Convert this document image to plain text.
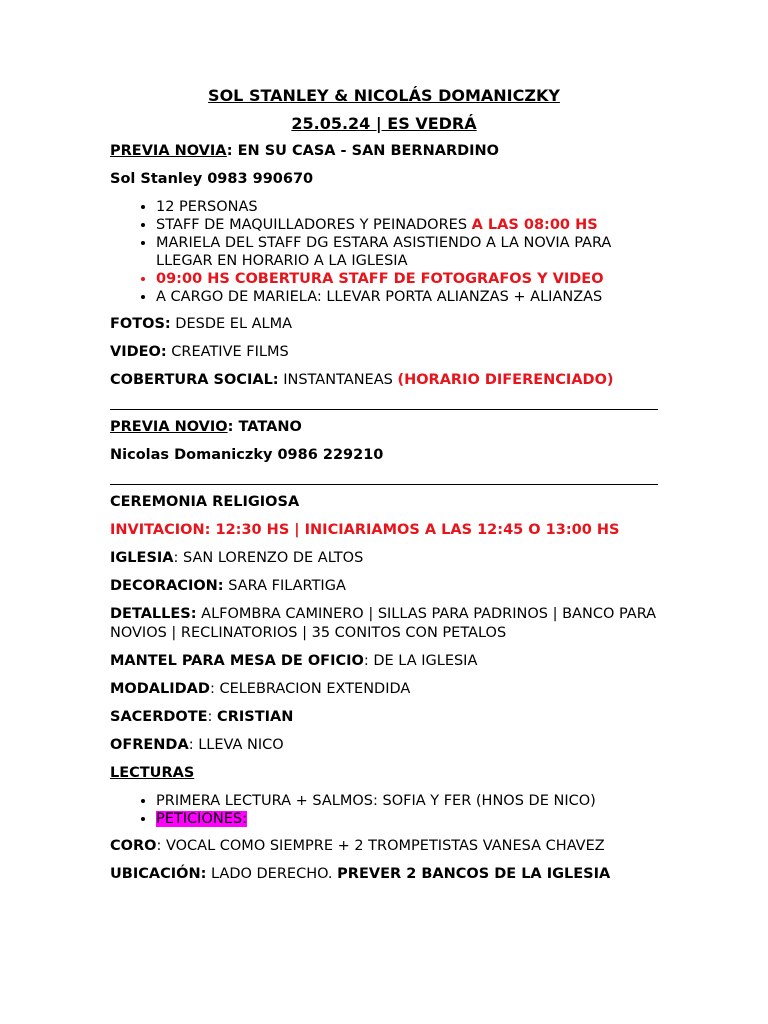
SOL STANLEY & NICOLÁS DOMANICZKY
25.05.24 | ES VEDRÁ

PREVIA NOVIA: EN SU CASA - SAN BERNARDINO

Sol Stanley 0983 990670

• 12 PERSONAS
• STAFF DE MAQUILLADORES Y PEINADORES A LAS 08:00 HS
• MARIELA DEL STAFF DG ESTARA ASISTIENDO A LA NOVIA PARA LLEGAR EN HORARIO A LA IGLESIA
• 09:00 HS COBERTURA STAFF DE FOTOGRAFOS Y VIDEO
• A CARGO DE MARIELA: LLEVAR PORTA ALIANZAS + ALIANZAS

FOTOS: DESDE EL ALMA

VIDEO: CREATIVE FILMS

COBERTURA SOCIAL: INSTANTANEAS (HORARIO DIFERENCIADO)

PREVIA NOVIO: TATANO

Nicolas Domaniczky 0986 229210

CEREMONIA RELIGIOSA

INVITACION: 12:30 HS | INICIARIAMOS A LAS 12:45 O 13:00 HS

IGLESIA: SAN LORENZO DE ALTOS

DECORACION: SARA FILARTIGA

DETALLES: ALFOMBRA CAMINERO | SILLAS PARA PADRINOS | BANCO PARA NOVIOS | RECLINATORIOS | 35 CONITOS CON PETALOS

MANTEL PARA MESA DE OFICIO: DE LA IGLESIA

MODALIDAD: CELEBRACION EXTENDIDA

SACERDOTE: CRISTIAN

OFRENDA: LLEVA NICO

LECTURAS

• PRIMERA LECTURA + SALMOS: SOFIA Y FER (HNOS DE NICO)
• PETICIONES:

CORO: VOCAL COMO SIEMPRE + 2 TROMPETISTAS VANESA CHAVEZ

UBICACIÓN: LADO DERECHO. PREVER 2 BANCOS DE LA IGLESIA
